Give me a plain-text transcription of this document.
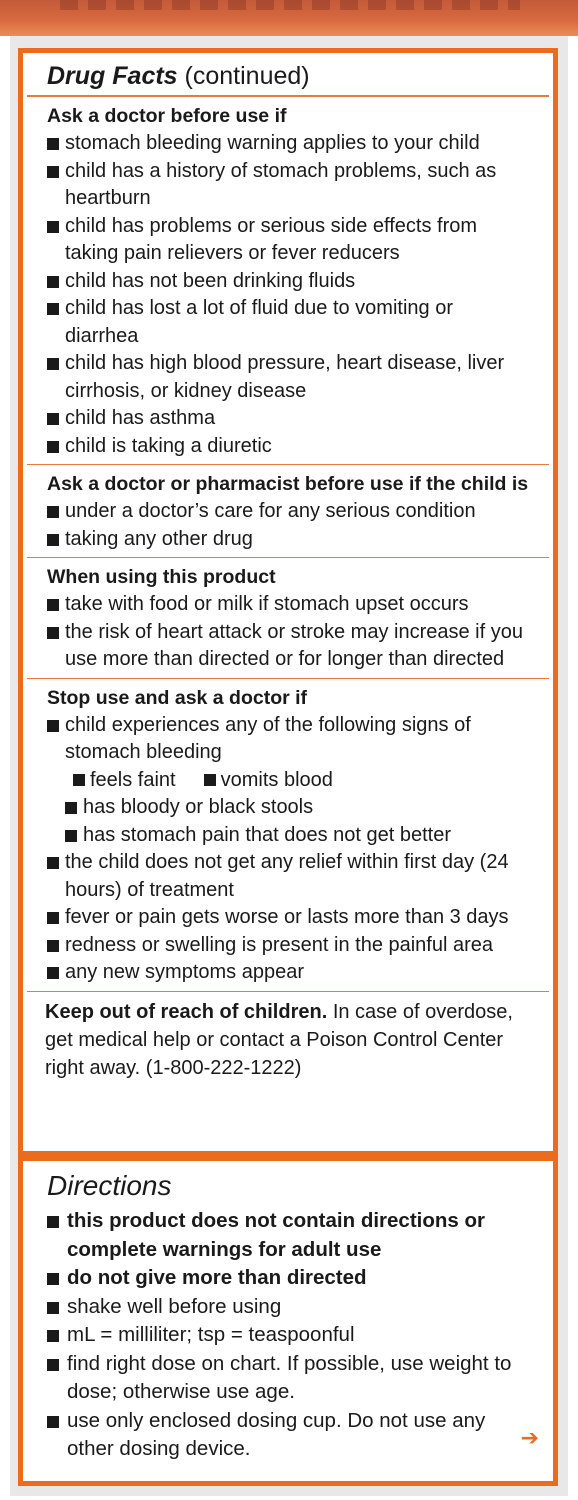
Drug Facts (continued)
Ask a doctor before use if
stomach bleeding warning applies to your child
child has a history of stomach problems, such as heartburn
child has problems or serious side effects from taking pain relievers or fever reducers
child has not been drinking fluids
child has lost a lot of fluid due to vomiting or diarrhea
child has high blood pressure, heart disease, liver cirrhosis, or kidney disease
child has asthma
child is taking a diuretic
Ask a doctor or pharmacist before use if the child is
under a doctor’s care for any serious condition
taking any other drug
When using this product
take with food or milk if stomach upset occurs
the risk of heart attack or stroke may increase if you use more than directed or for longer than directed
Stop use and ask a doctor if
child experiences any of the following signs of stomach bleeding
feels faint vomits blood
has bloody or black stools
has stomach pain that does not get better
the child does not get any relief within first day (24 hours) of treatment
fever or pain gets worse or lasts more than 3 days
redness or swelling is present in the painful area
any new symptoms appear
Keep out of reach of children. In case of overdose, get medical help or contact a Poison Control Center right away. (1-800-222-1222)
Directions
this product does not contain directions or complete warnings for adult use
do not give more than directed
shake well before using
mL = milliliter; tsp = teaspoonful
find right dose on chart. If possible, use weight to dose; otherwise use age.
use only enclosed dosing cup. Do not use any other dosing device.	➔
